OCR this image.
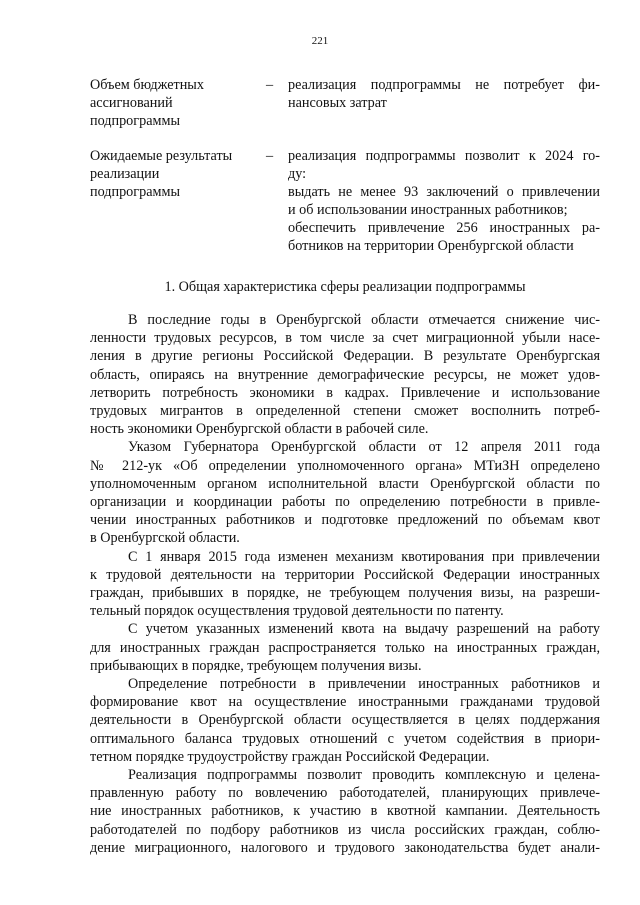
221
Объем бюджетных
ассигнований
подпрограммы
– реализация подпрограммы не потребует фи-
нансовых затрат
Ожидаемые результаты
реализации
подпрограммы
– реализация подпрограммы позволит к 2024 го-
ду:
выдать не менее 93 заключений о привлечении
и об использовании иностранных работников;
обеспечить привлечение 256 иностранных ра-
ботников на территории Оренбургской области
1. Общая характеристика сферы реализации подпрограммы
В последние годы в Оренбургской области отмечается снижение чис-
ленности трудовых ресурсов, в том числе за счет миграционной убыли насе-
ления в другие регионы Российской Федерации. В результате Оренбургская
область, опираясь на внутренние демографические ресурсы, не может удов-
летворить потребность экономики в кадрах. Привлечение и использование
трудовых мигрантов в определенной степени сможет восполнить потреб-
ность экономики Оренбургской области в рабочей силе.
Указом Губернатора Оренбургской области от 12 апреля 2011 года
№ 212-ук «Об определении уполномоченного органа» МТиЗН определено
уполномоченным органом исполнительной власти Оренбургской области по
организации и координации работы по определению потребности в привле-
чении иностранных работников и подготовке предложений по объемам квот
в Оренбургской области.
С 1 января 2015 года изменен механизм квотирования при привлечении
к трудовой деятельности на территории Российской Федерации иностранных
граждан, прибывших в порядке, не требующем получения визы, на разреши-
тельный порядок осуществления трудовой деятельности по патенту.
С учетом указанных изменений квота на выдачу разрешений на работу
для иностранных граждан распространяется только на иностранных граждан,
прибывающих в порядке, требующем получения визы.
Определение потребности в привлечении иностранных работников и
формирование квот на осуществление иностранными гражданами трудовой
деятельности в Оренбургской области осуществляется в целях поддержания
оптимального баланса трудовых отношений с учетом содействия в приори-
тетном порядке трудоустройству граждан Российской Федерации.
Реализация подпрограммы позволит проводить комплексную и целена-
правленную работу по вовлечению работодателей, планирующих привлече-
ние иностранных работников, к участию в квотной кампании. Деятельность
работодателей по подбору работников из числа российских граждан, соблю-
дение миграционного, налогового и трудового законодательства будет анали-
